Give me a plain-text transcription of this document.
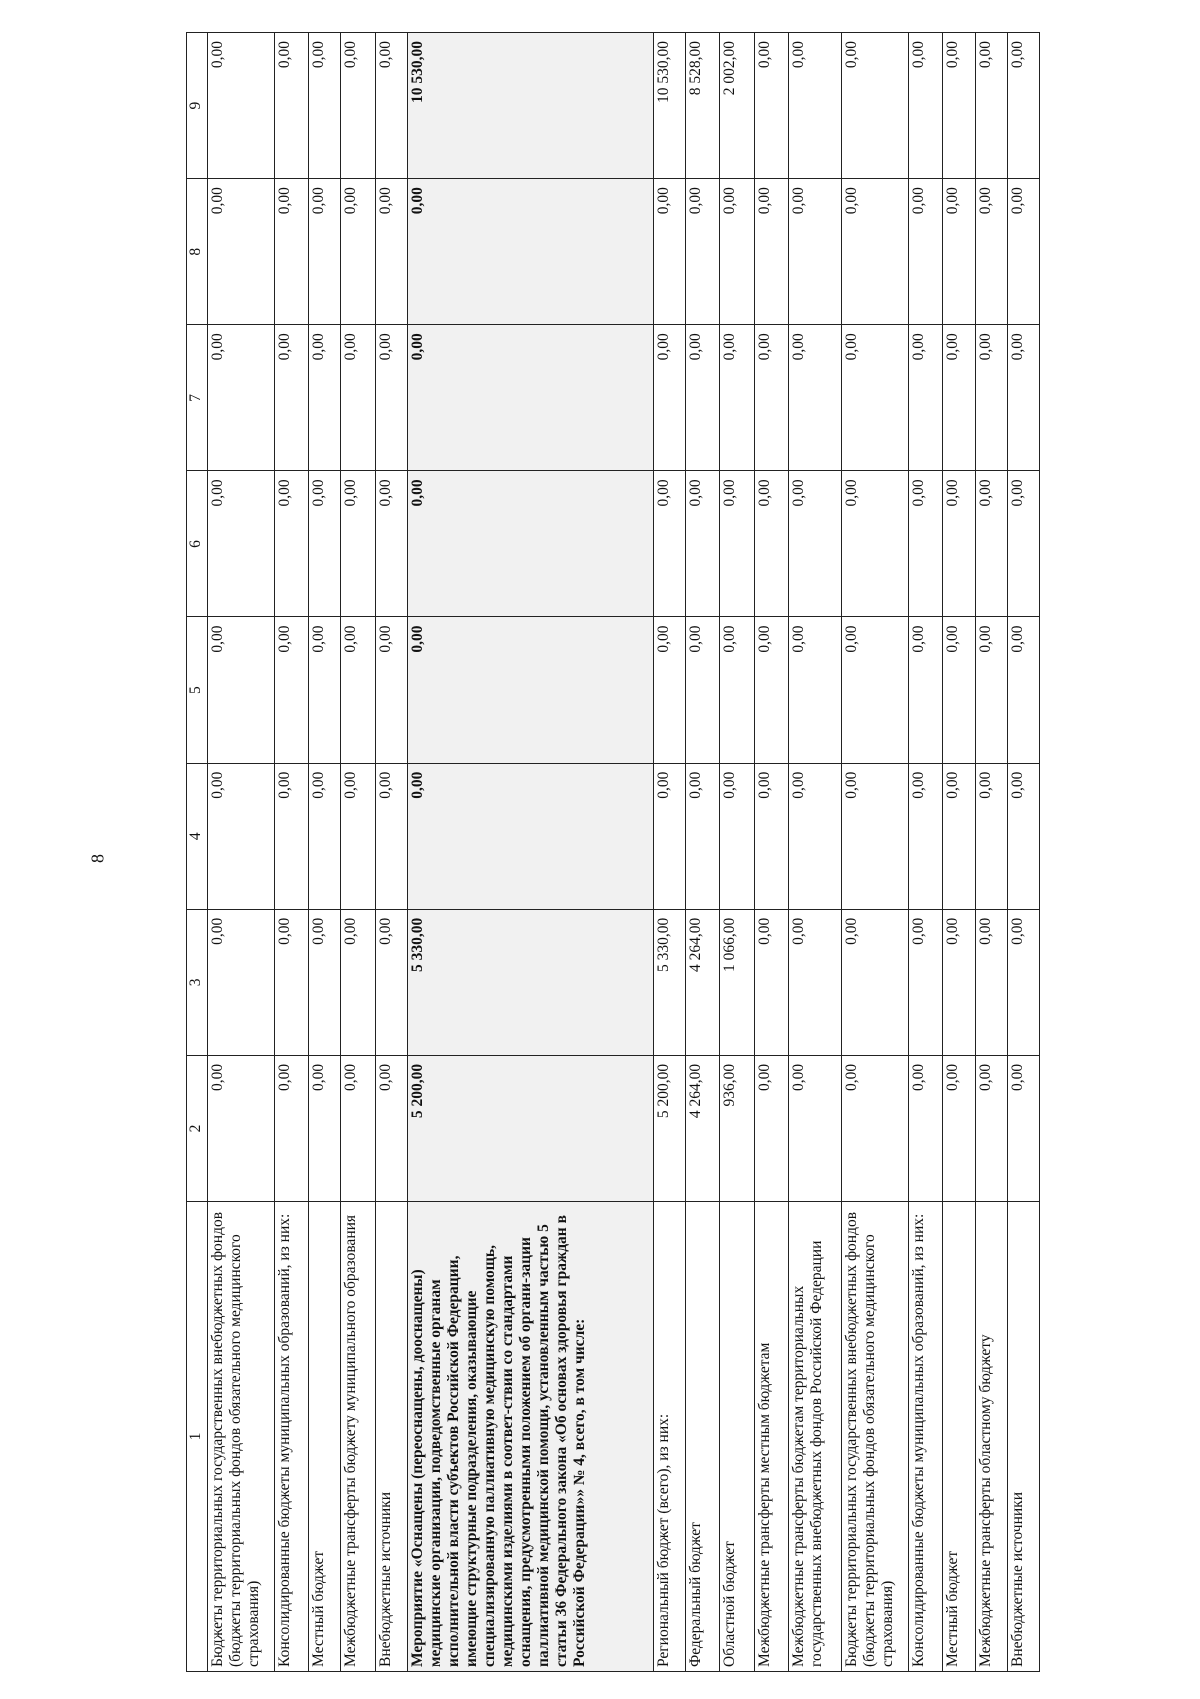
8
1	2	3	4	5	6	7	8	9
Бюджеты территориальных государственных внебюджетных фондов (бюджеты территориальных фондов обязательного медицинского страхования)	0,00	0,00	0,00	0,00	0,00	0,00	0,00	0,00
Консолидированные бюджеты муниципальных образований, из них:	0,00	0,00	0,00	0,00	0,00	0,00	0,00	0,00
Местный бюджет	0,00	0,00	0,00	0,00	0,00	0,00	0,00	0,00
Межбюджетные трансферты бюджету муниципального образования	0,00	0,00	0,00	0,00	0,00	0,00	0,00	0,00
Внебюджетные источники	0,00	0,00	0,00	0,00	0,00	0,00	0,00	0,00
Мероприятие «Оснащены (переоснащены, дооснащены) медицинские организации, подведомственные органам исполнительной власти субъектов Российской Федерации, имеющие структурные подразделения, оказывающие специализированную паллиативную медицинскую помощь, медицинскими изделиями в соответ-ствии со стандартами оснащения, предусмотренными положением об органи-зации паллиативной медицинской помощи, установленным частью 5 статьи 36 Федерального закона «Об основах здоровья граждан в Российской Федерации»» № 4, всего, в том числе:	5 200,00	5 330,00	0,00	0,00	0,00	0,00	0,00	10 530,00
Региональный бюджет (всего), из них:	5 200,00	5 330,00	0,00	0,00	0,00	0,00	0,00	10 530,00
Федеральный бюджет	4 264,00	4 264,00	0,00	0,00	0,00	0,00	0,00	8 528,00
Областной бюджет	936,00	1 066,00	0,00	0,00	0,00	0,00	0,00	2 002,00
Межбюджетные трансферты местным бюджетам	0,00	0,00	0,00	0,00	0,00	0,00	0,00	0,00
Межбюджетные трансферты бюджетам территориальных государственных внебюджетных фондов Российской Федерации	0,00	0,00	0,00	0,00	0,00	0,00	0,00	0,00
Бюджеты территориальных государственных внебюджетных фондов (бюджеты территориальных фондов обязательного медицинского страхования)	0,00	0,00	0,00	0,00	0,00	0,00	0,00	0,00
Консолидированные бюджеты муниципальных образований, из них:	0,00	0,00	0,00	0,00	0,00	0,00	0,00	0,00
Местный бюджет	0,00	0,00	0,00	0,00	0,00	0,00	0,00	0,00
Межбюджетные трансферты областному бюджету	0,00	0,00	0,00	0,00	0,00	0,00	0,00	0,00
Внебюджетные источники	0,00	0,00	0,00	0,00	0,00	0,00	0,00	0,00
